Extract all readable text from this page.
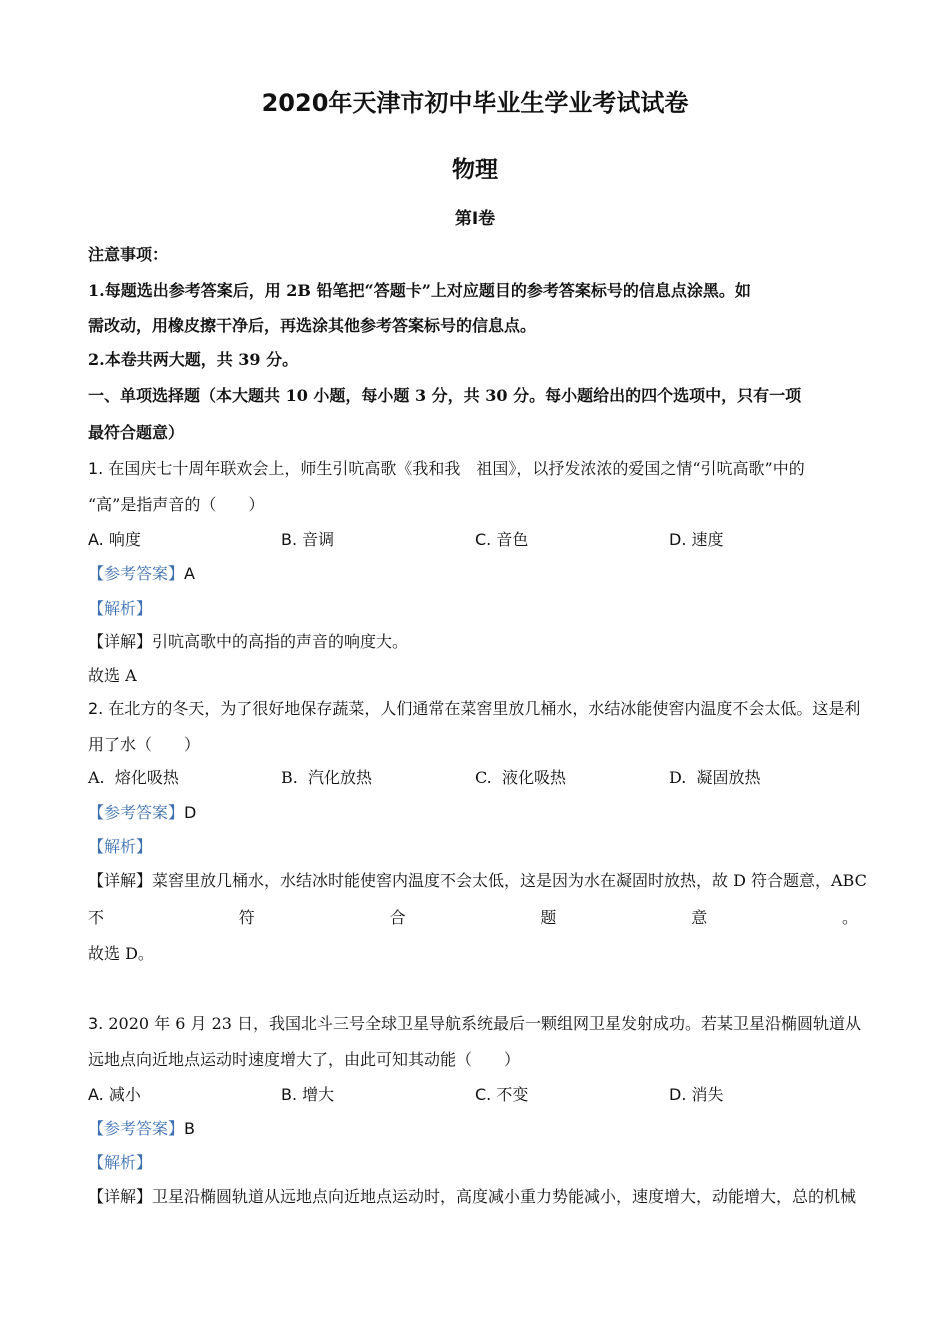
2020年天津市初中毕业生学业考试试卷
物理
第Ⅰ卷
注意事项：
1.每题选出参考答案后，用 2B 铅笔把“答题卡”上对应题目的参考答案标号的信息点涂黑。如
需改动，用橡皮擦干净后，再选涂其他参考答案标号的信息点。
2.本卷共两大题，共 39 分。
一、单项选择题（本大题共 10 小题，每小题 3 分，共 30 分。每小题给出的四个选项中，只有一项
最符合题意）
1. 在国庆七十周年联欢会上，师生引吭高歌《我和我　祖国》，以抒发浓浓的爱国之情“引吭高歌”中的
“高”是指声音的（　　）
A. 响度	B. 音调	C. 音色	D. 速度
【参考答案】A
【解析】
【详解】引吭高歌中的高指的声音的响度大。
故选 A
2. 在北方的冬天，为了很好地保存蔬菜，人们通常在菜窖里放几桶水，水结冰能使窖内温度不会太低。这是利
用了水（　　）
A. 熔化吸热	B. 汽化放热	C. 液化吸热	D. 凝固放热
【参考答案】D
【解析】
【详解】菜窖里放几桶水，水结冰时能使窖内温度不会太低，这是因为水在凝固时放热，故 D 符合题意，ABC
不	符	合	题	意	。
故选 D。
3. 2020 年 6 月 23 日，我国北斗三号全球卫星导航系统最后一颗组网卫星发射成功。若某卫星沿椭圆轨道从
远地点向近地点运动时速度增大了，由此可知其动能（　　）
A. 减小	B. 增大	C. 不变	D. 消失
【参考答案】B
【解析】
【详解】卫星沿椭圆轨道从远地点向近地点运动时，高度减小重力势能减小，速度增大，动能增大，总的机械
